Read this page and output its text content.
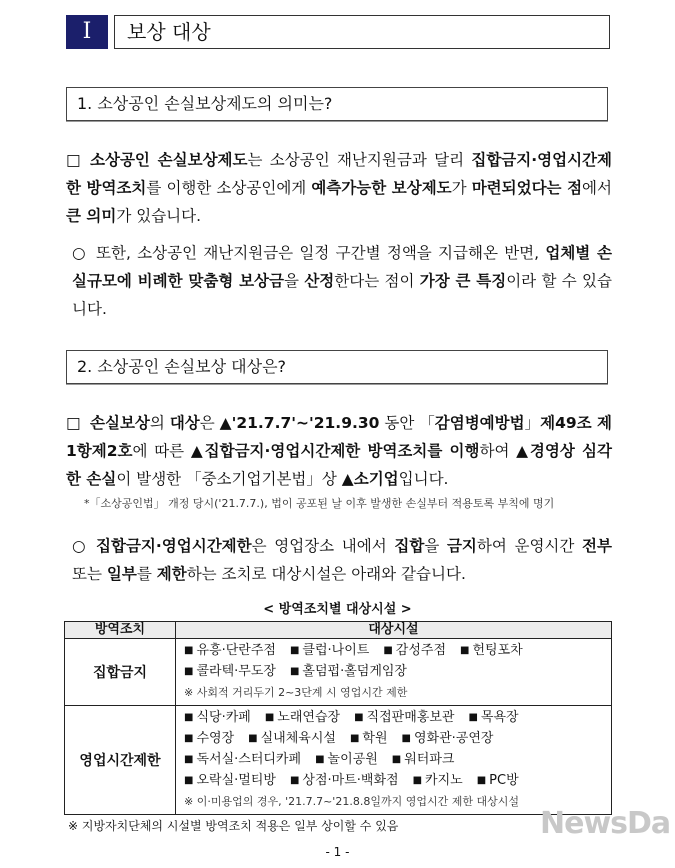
Ⅰ	보상 대상
1. 소상공인 손실보상제도의 의미는?
□ 소상공인 손실보상제도는 소상공인 재난지원금과 달리 집합금지·영업시간제한 방역조치를 이행한 소상공인에게 예측가능한 보상제도가 마련되었다는 점에서 큰 의미가 있습니다.
○ 또한, 소상공인 재난지원금은 일정 구간별 정액을 지급해온 반면, 업체별 손실규모에 비례한 맞춤형 보상금을 산정한다는 점이 가장 큰 특징이라 할 수 있습니다.
2. 소상공인 손실보상 대상은?
□ 손실보상의 대상은 ▲'21.7.7'~'21.9.30 동안 「감염병예방법」제49조 제1항제2호에 따른 ▲집합금지·영업시간제한 방역조치를 이행하여 ▲경영상 심각한 손실이 발생한 「중소기업기본법」상 ▲소기업입니다.
*「소상공인법」 개정 당시('21.7.7.), 법이 공포된 날 이후 발생한 손실부터 적용토록 부칙에 명기
○ 집합금지·영업시간제한은 영업장소 내에서 집합을 금지하여 운영시간 전부 또는 일부를 제한하는 조치로 대상시설은 아래와 같습니다.
< 방역조치별 대상시설 >
방역조치	대상시설
집합금지	■ 유흥·단란주점 ■ 클럽·나이트 ■ 감성주점 ■ 헌팅포차
■ 콜라텍·무도장 ■ 홀덤펍·홀덤게임장
※ 사회적 거리두기 2~3단계 시 영업시간 제한

영업시간제한	■ 식당·카페 ■ 노래연습장 ■ 직접판매홍보관 ■ 목욕장
■ 수영장 ■ 실내체육시설 ■ 학원 ■ 영화관·공연장
■ 독서실·스터디카페 ■ 놀이공원 ■ 워터파크
■ 오락실·멀티방 ■ 상점·마트·백화점 ■ 카지노 ■ PC방
※ 이·미용업의 경우, '21.7.7~'21.8.8일까지 영업시간 제한 대상시설
※ 지방자치단체의 시설별 방역조치 적용은 일부 상이할 수 있음
- 1 -
NewsDa
